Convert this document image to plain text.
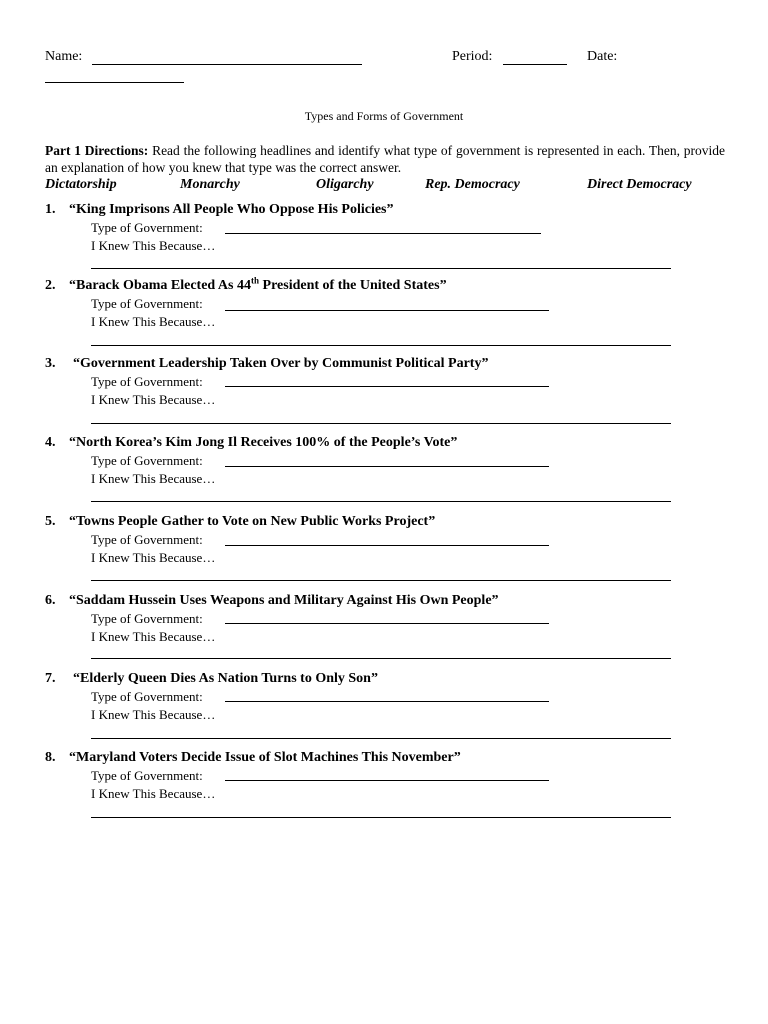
Name:	Period:	Date:
Types and Forms of Government
Part 1 Directions: Read the following headlines and identify what type of government is represented in each. Then, provide an explanation of how you knew that type was the correct answer.
Dictatorship	Monarchy	Oligarchy	Rep. Democracy	Direct Democracy
1. “King Imprisons All People Who Oppose His Policies”
Type of Government:
I Knew This Because…
2. “Barack Obama Elected As 44th President of the United States”
Type of Government:
I Knew This Because…
3. “Government Leadership Taken Over by Communist Political Party”
Type of Government:
I Knew This Because…
4. “North Korea’s Kim Jong Il Receives 100% of the People’s Vote”
Type of Government:
I Knew This Because…
5. “Towns People Gather to Vote on New Public Works Project”
Type of Government:
I Knew This Because…
6. “Saddam Hussein Uses Weapons and Military Against His Own People”
Type of Government:
I Knew This Because…
7. “Elderly Queen Dies As Nation Turns to Only Son”
Type of Government:
I Knew This Because…
8. “Maryland Voters Decide Issue of Slot Machines This November”
Type of Government:
I Knew This Because…
